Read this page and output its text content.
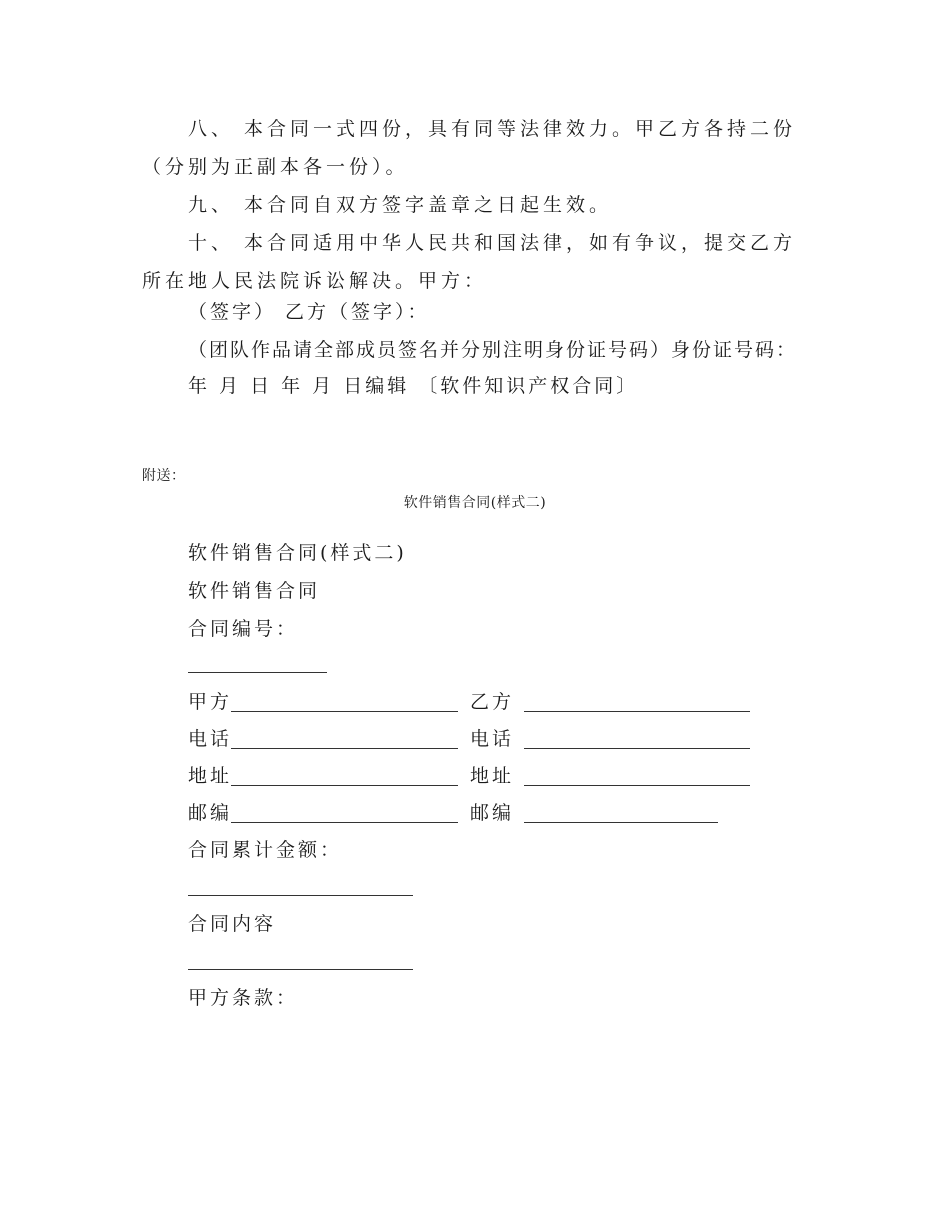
八、 本合同一式四份，具有同等法律效力。甲乙方各持二份（分别为正副本各一份）。

九、 本合同自双方签字盖章之日起生效。

十、 本合同适用中华人民共和国法律，如有争议，提交乙方所在地人民法院诉讼解决。甲方：

（签字） 乙方（签字）：
（团队作品请全部成员签名并分别注明身份证号码）身份证号码：
年 月 日 年 月 日编辑 〔软件知识产权合同〕
附送：
软件销售合同(样式二)
软件销售合同(样式二)
软件销售合同
合同编号：
甲方	乙方
电话	电话
地址	地址
邮编	邮编
合同累计金额：
合同内容
甲方条款：
